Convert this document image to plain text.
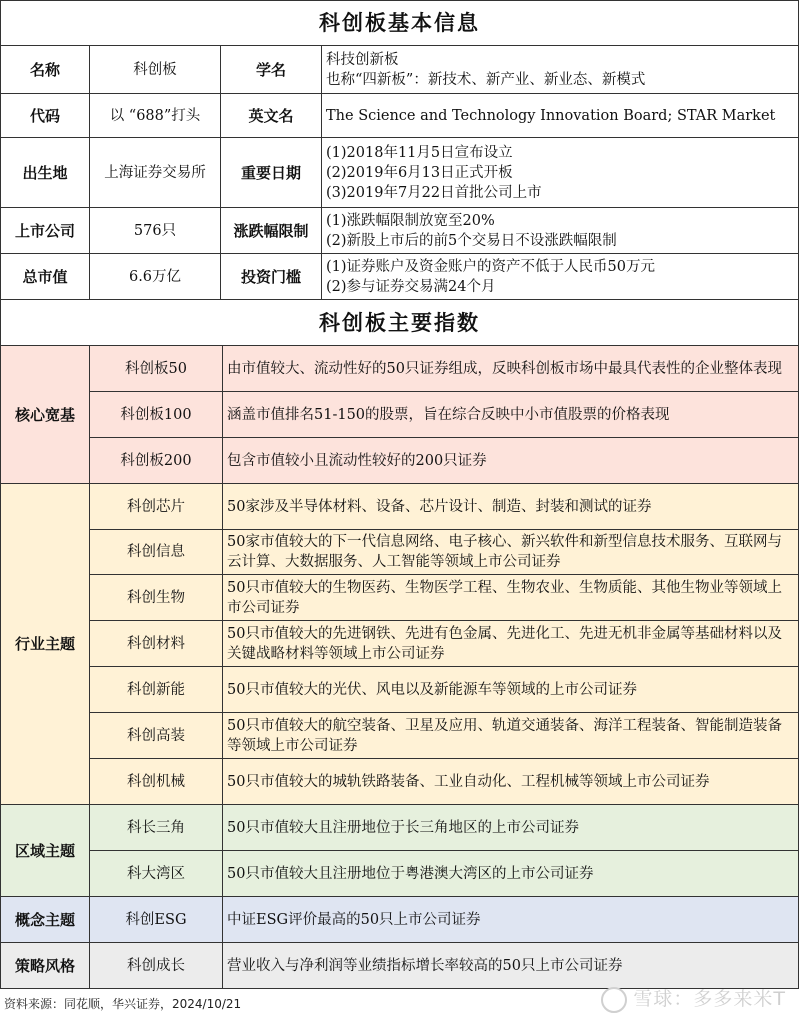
科创板基本信息			
名称	科创板	学名	科技创新板
也称“四新板”：新技术、新产业、新业态、新模式

代码	以 “688”打头	英文名	The Science and Technology Innovation Board; STAR Market

出生地	上海证券交易所	重要日期	(1)2018年11月5日宣布设立
(2)2019年6月13日正式开板
(3)2019年7月22日首批公司上市

上市公司	576只	涨跌幅限制	(1)涨跌幅限制放宽至20%
(2)新股上市后的前5个交易日不设涨跌幅限制

总市值	6.6万亿	投资门槛	(1)证券账户及资金账户的资产不低于人民币50万元
(2)参与证券交易满24个月
科创板主要指数		
核心宽基	科创板50	由市值较大、流动性好的50只证券组成，反映科创板市场中最具代表性的企业整体表现
	科创板100	涵盖市值排名51-150的股票，旨在综合反映中小市值股票的价格表现
	科创板200	包含市值较小且流动性较好的200只证券
行业主题	科创芯片	50家涉及半导体材料、设备、芯片设计、制造、封装和测试的证券
	科创信息	50家市值较大的下一代信息网络、电子核心、新兴软件和新型信息技术服务、互联网与云计算、大数据服务、人工智能等领域上市公司证券
	科创生物	50只市值较大的生物医药、生物医学工程、生物农业、生物质能、其他生物业等领域上市公司证券
	科创材料	50只市值较大的先进钢铁、先进有色金属、先进化工、先进无机非金属等基础材料以及关键战略材料等领域上市公司证券
	科创新能	50只市值较大的光伏、风电以及新能源车等领域的上市公司证券
	科创高装	50只市值较大的航空装备、卫星及应用、轨道交通装备、海洋工程装备、智能制造装备等领域上市公司证券
	科创机械	50只市值较大的城轨铁路装备、工业自动化、工程机械等领域上市公司证券
区域主题	科长三角	50只市值较大且注册地位于长三角地区的上市公司证券
	科大湾区	50只市值较大且注册地位于粤港澳大湾区的上市公司证券
概念主题	科创ESG	中证ESG评价最高的50只上市公司证券
策略风格	科创成长	营业收入与净利润等业绩指标增长率较高的50只上市公司证券
资料来源：同花顺，华兴证券，2024/10/21	雪球：多多来米T
